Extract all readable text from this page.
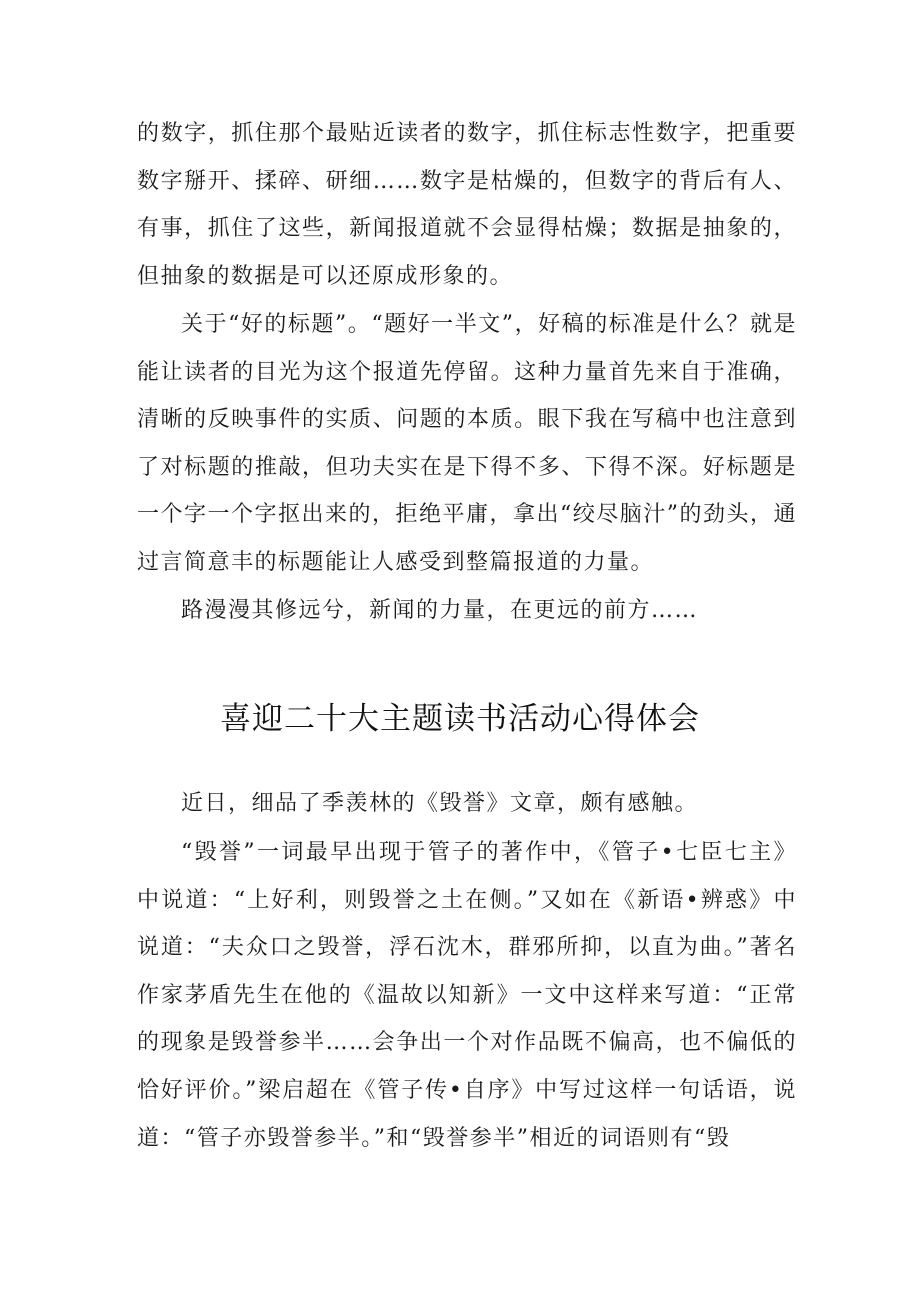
的数字，抓住那个最贴近读者的数字，抓住标志性数字，把重要数字掰开、揉碎、研细……数字是枯燥的，但数字的背后有人、有事，抓住了这些，新闻报道就不会显得枯燥；数据是抽象的，但抽象的数据是可以还原成形象的。

关于“好的标题”。“题好一半文”，好稿的标准是什么？就是能让读者的目光为这个报道先停留。这种力量首先来自于准确，清晰的反映事件的实质、问题的本质。眼下我在写稿中也注意到了对标题的推敲，但功夫实在是下得不多、下得不深。好标题是一个字一个字抠出来的，拒绝平庸，拿出“绞尽脑汁”的劲头，通过言简意丰的标题能让人感受到整篇报道的力量。

路漫漫其修远兮，新闻的力量，在更远的前方……

喜迎二十大主题读书活动心得体会

近日，细品了季羡林的《毁誉》文章，颇有感触。

“毁誉”一词最早出现于管子的著作中，《管子•七臣七主》中说道：“上好利，则毁誉之土在侧。”又如在《新语•辨惑》中说道：“夫众口之毁誉，浮石沈木，群邪所抑，以直为曲。”著名作家茅盾先生在他的《温故以知新》一文中这样来写道：“正常的现象是毁誉参半……会争出一个对作品既不偏高，也不偏低的恰好评价。”梁启超在《管子传•自序》中写过这样一句话语，说道：“管子亦毁誉参半。”和“毁誉参半”相近的词语则有“毁
